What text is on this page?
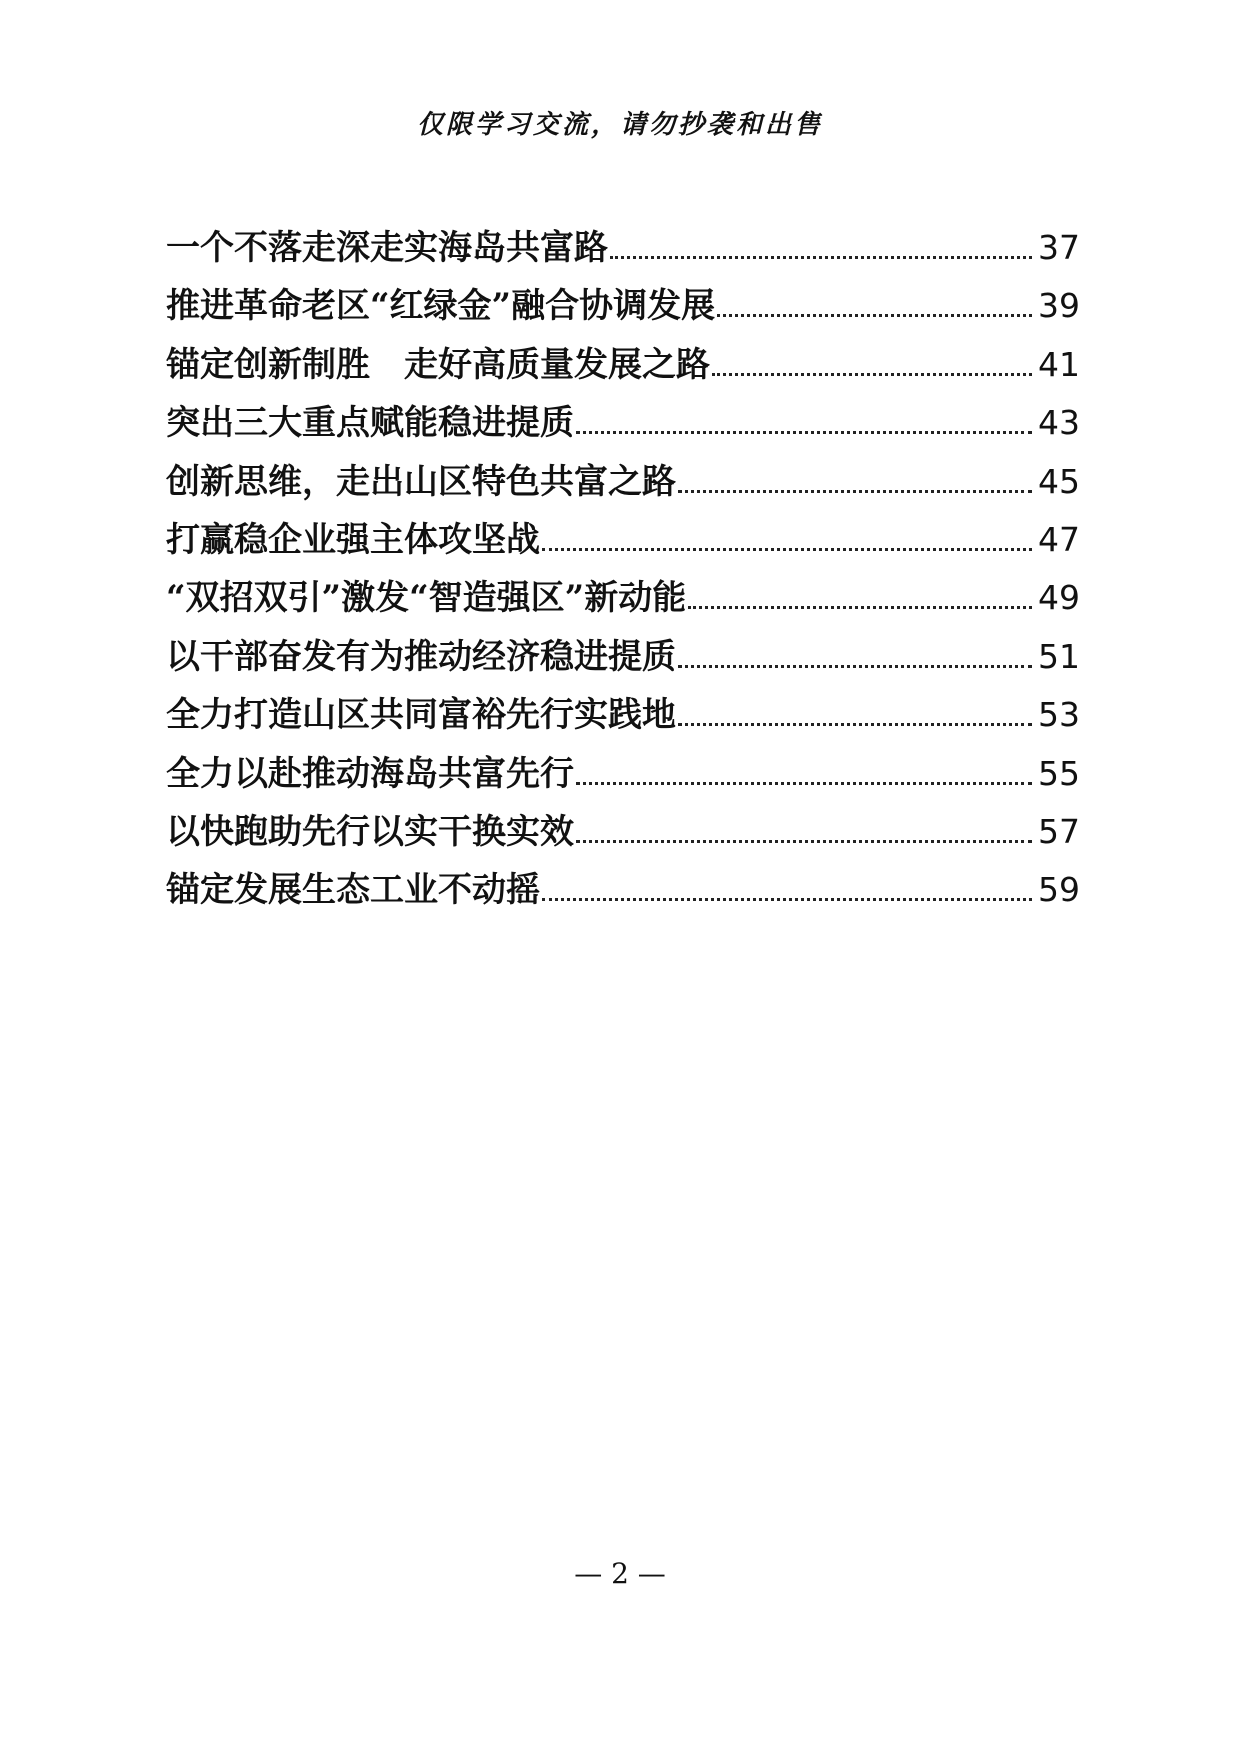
仅限学习交流，请勿抄袭和出售
一个不落走深走实海岛共富路	37
推进革命老区“红绿金”融合协调发展	39
锚定创新制胜　走好高质量发展之路	41
突出三大重点赋能稳进提质	43
创新思维，走出山区特色共富之路	45
打赢稳企业强主体攻坚战	47
“双招双引”激发“智造强区”新动能	49
以干部奋发有为推动经济稳进提质	51
全力打造山区共同富裕先行实践地	53
全力以赴推动海岛共富先行	55
以快跑助先行以实干换实效	57
锚定发展生态工业不动摇	59
— 2 —
